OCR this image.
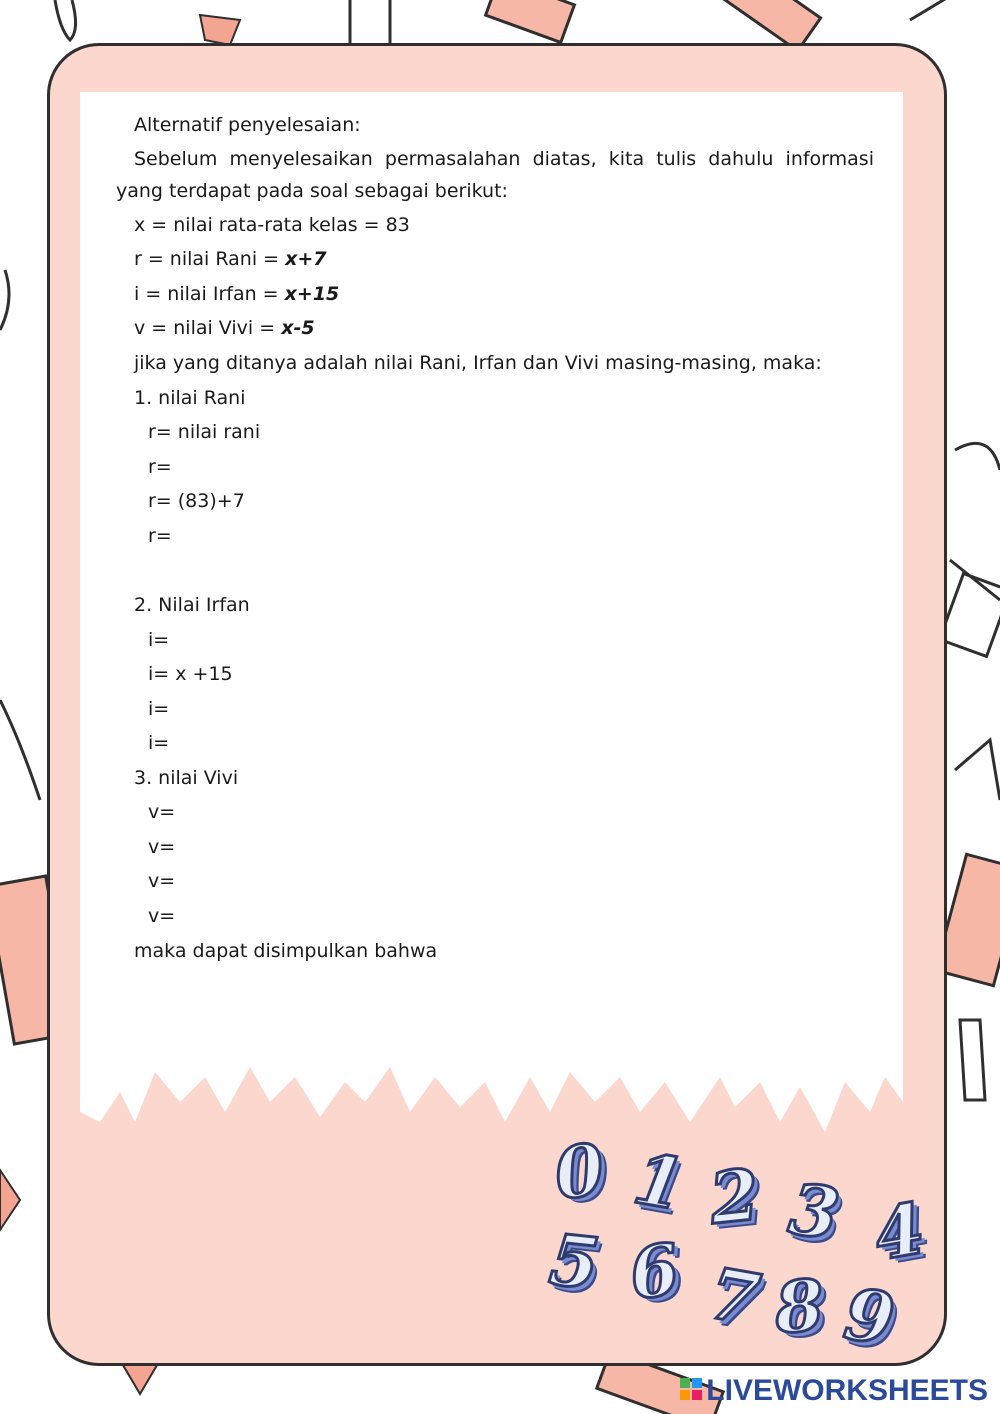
Alternatif penyelesaian:
Sebelum menyelesaikan permasalahan diatas, kita tulis dahulu informasi
yang terdapat pada soal sebagai berikut:
x = nilai rata-rata kelas = 83
r = nilai Rani = x+7
i = nilai Irfan = x+15
v = nilai Vivi = x-5
jika yang ditanya adalah nilai Rani, Irfan dan Vivi masing-masing, maka:
1. nilai Rani
r= nilai rani
r=
r= (83)+7
r=
2. Nilai Irfan
i=
i= x +15
i=
i=
3. nilai Vivi
v=
v=
v=
v=
maka dapat disimpulkan bahwa
0 1 2 3 4
5 6 7 8 9
LIVEWORKSHEETS
